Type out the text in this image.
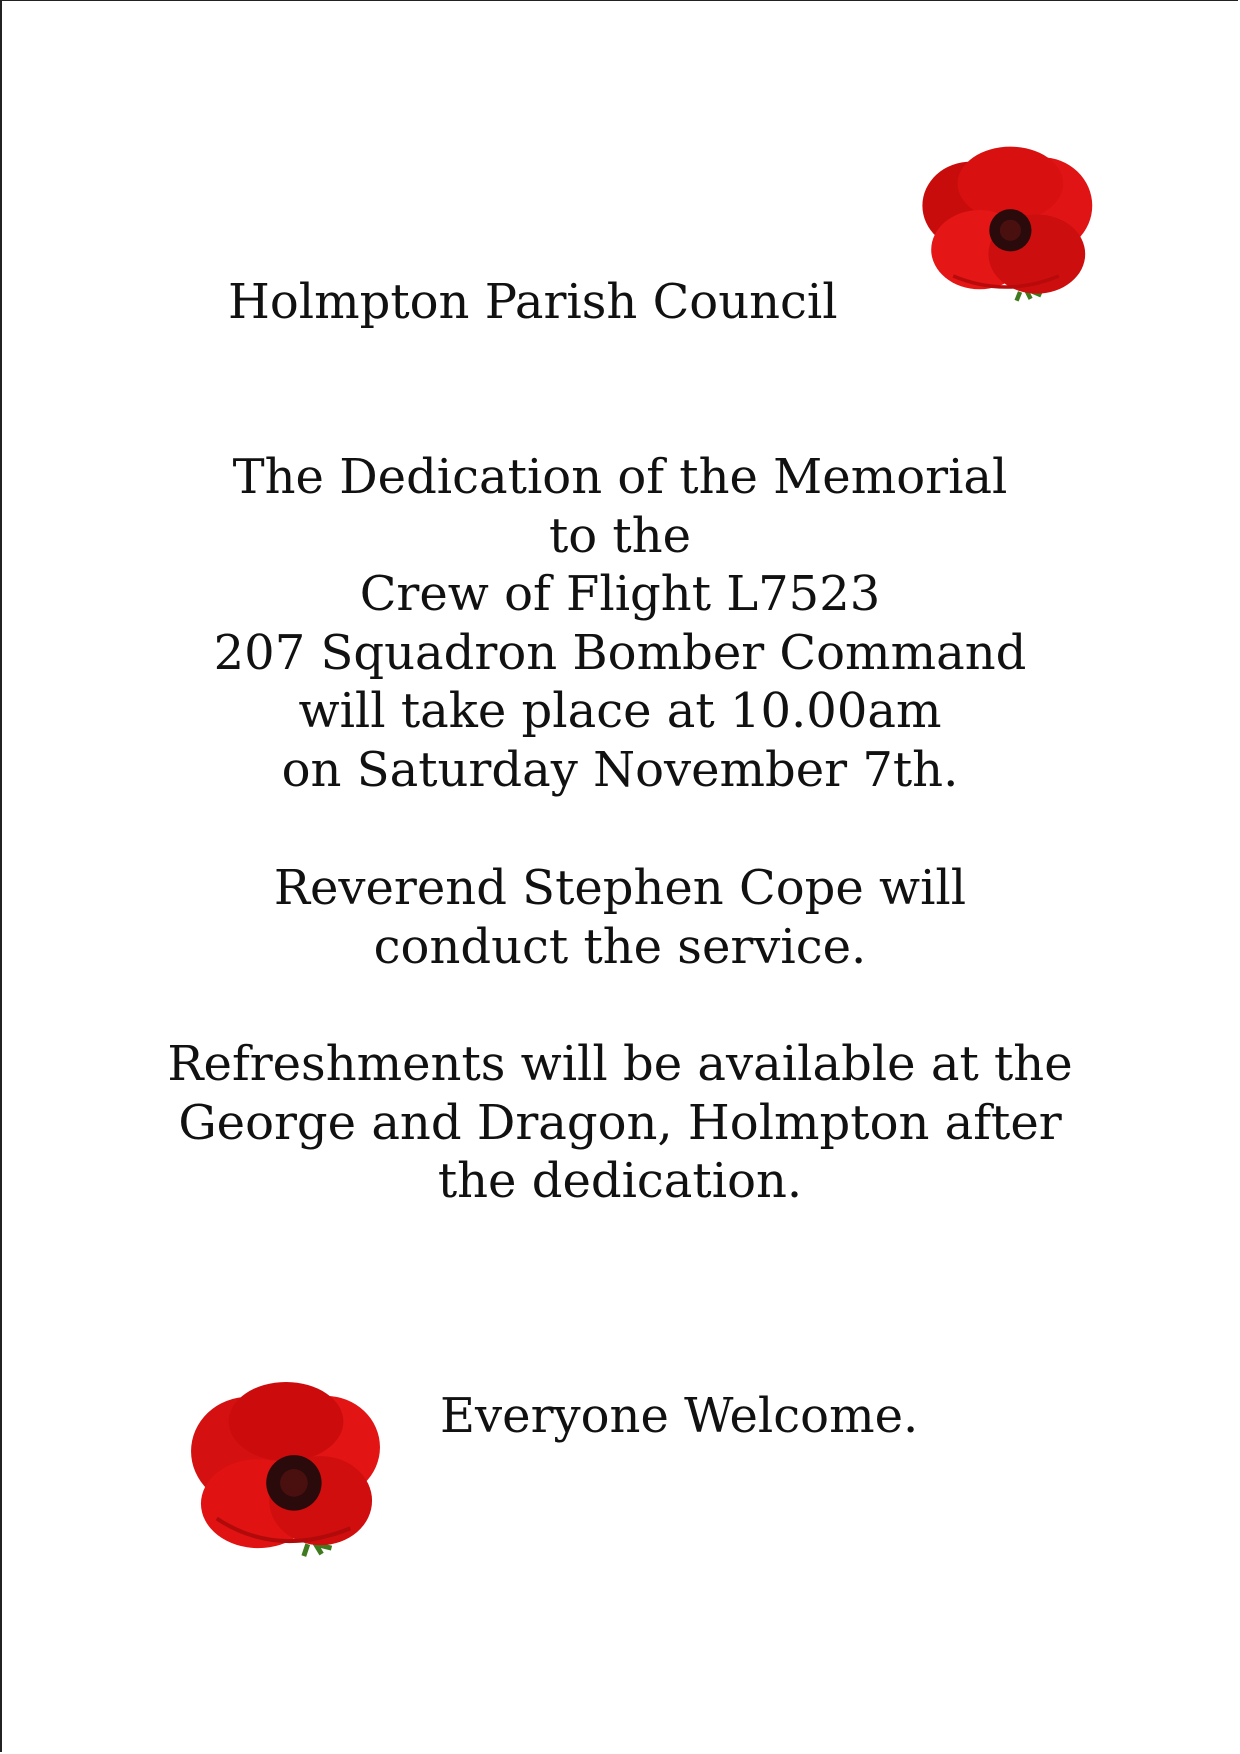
Holmpton Parish Council
The Dedication of the Memorial
to the
Crew of Flight L7523
207 Squadron Bomber Command
will take place at 10.00am
on Saturday November 7th.
Reverend Stephen Cope will
conduct the service.
Refreshments will be available at the
George and Dragon, Holmpton after
the dedication.
Everyone Welcome.
